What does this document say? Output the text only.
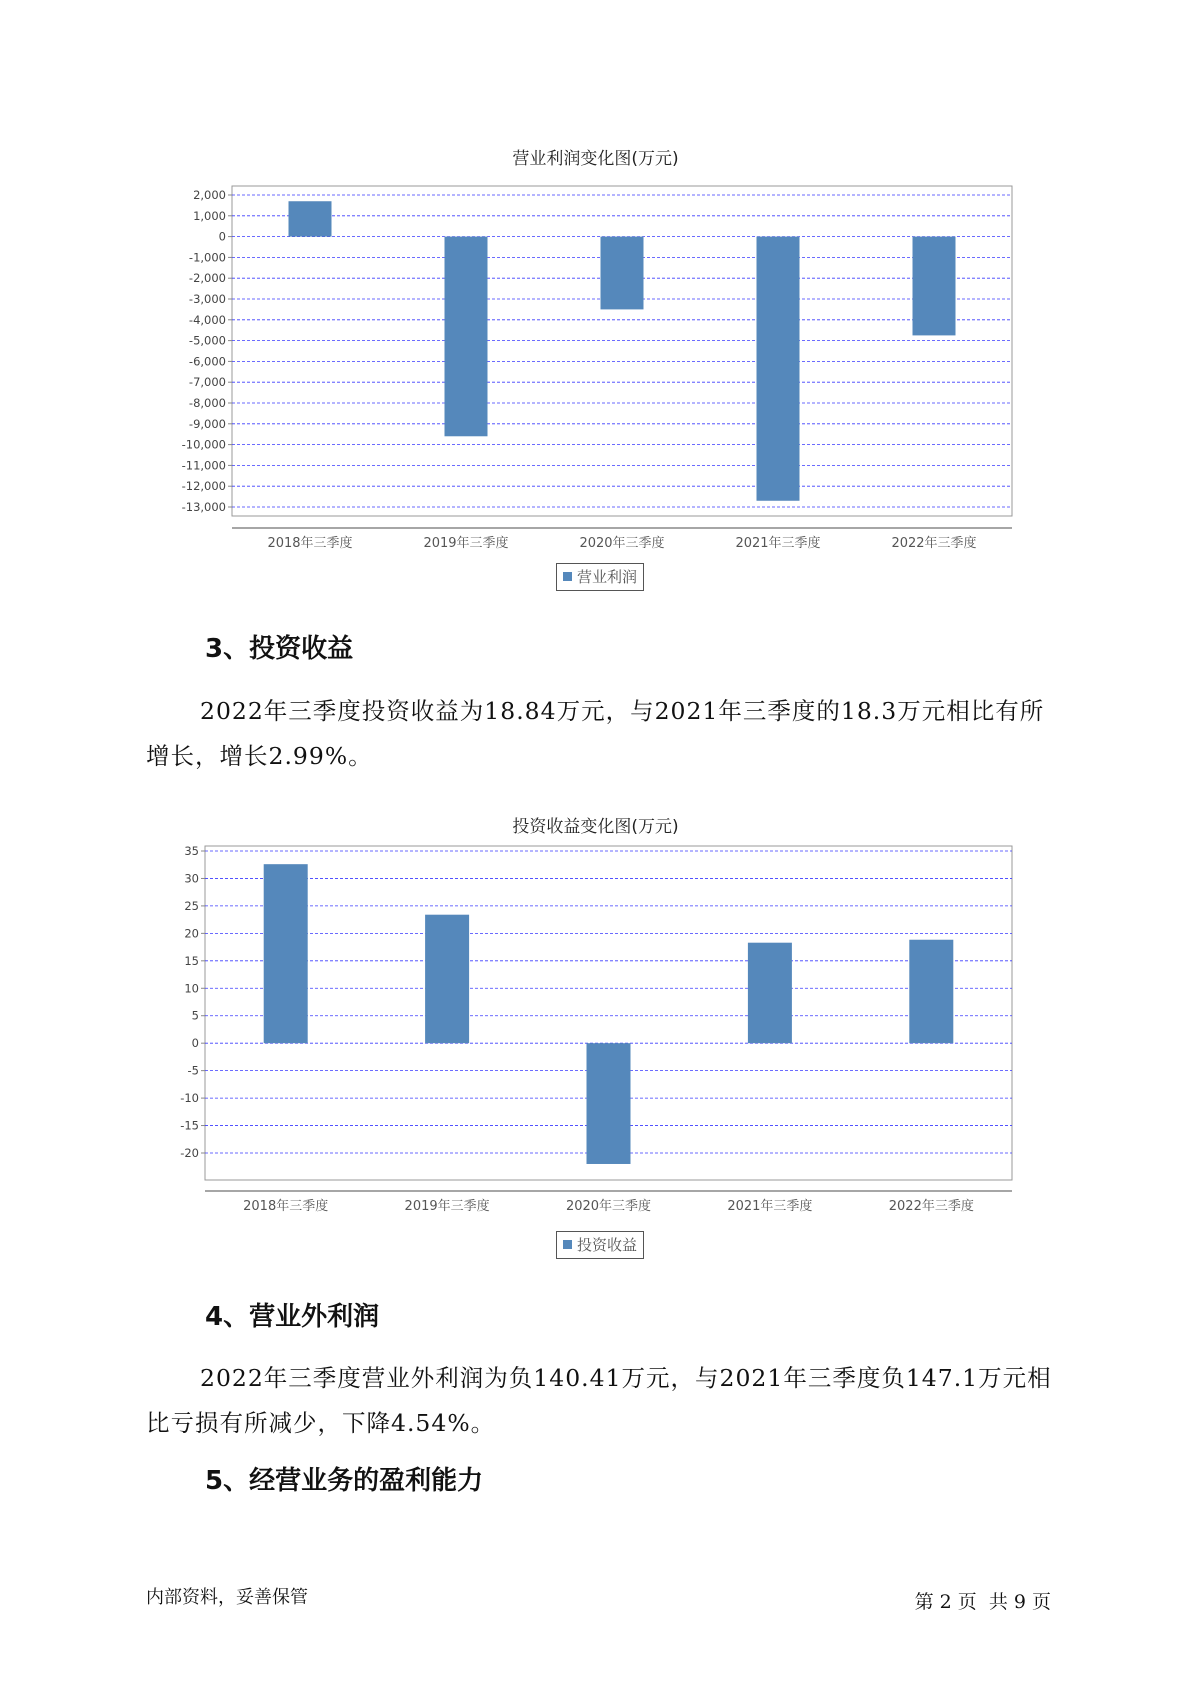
营业利润变化图(万元)
2,000
1,000
0
-1,000
-2,000
-3,000
-4,000
-5,000
-6,000
-7,000
-8,000
-9,000
-10,000
-11,000
-12,000
-13,000
2018年三季度	2019年三季度	2020年三季度	2021年三季度	2022年三季度
营业利润
3、投资收益
2022年三季度投资收益为18.84万元，与2021年三季度的18.3万元相比有所增长，增长2.99%。
投资收益变化图(万元)
35
30
25
20
15
10
5
0
-5
-10
-15
-20
2018年三季度	2019年三季度	2020年三季度	2021年三季度	2022年三季度
投资收益
4、营业外利润
2022年三季度营业外利润为负140.41万元，与2021年三季度负147.1万元相比亏损有所减少，下降4.54%。
5、经营业务的盈利能力
内部资料，妥善保管	第 2 页  共 9 页
